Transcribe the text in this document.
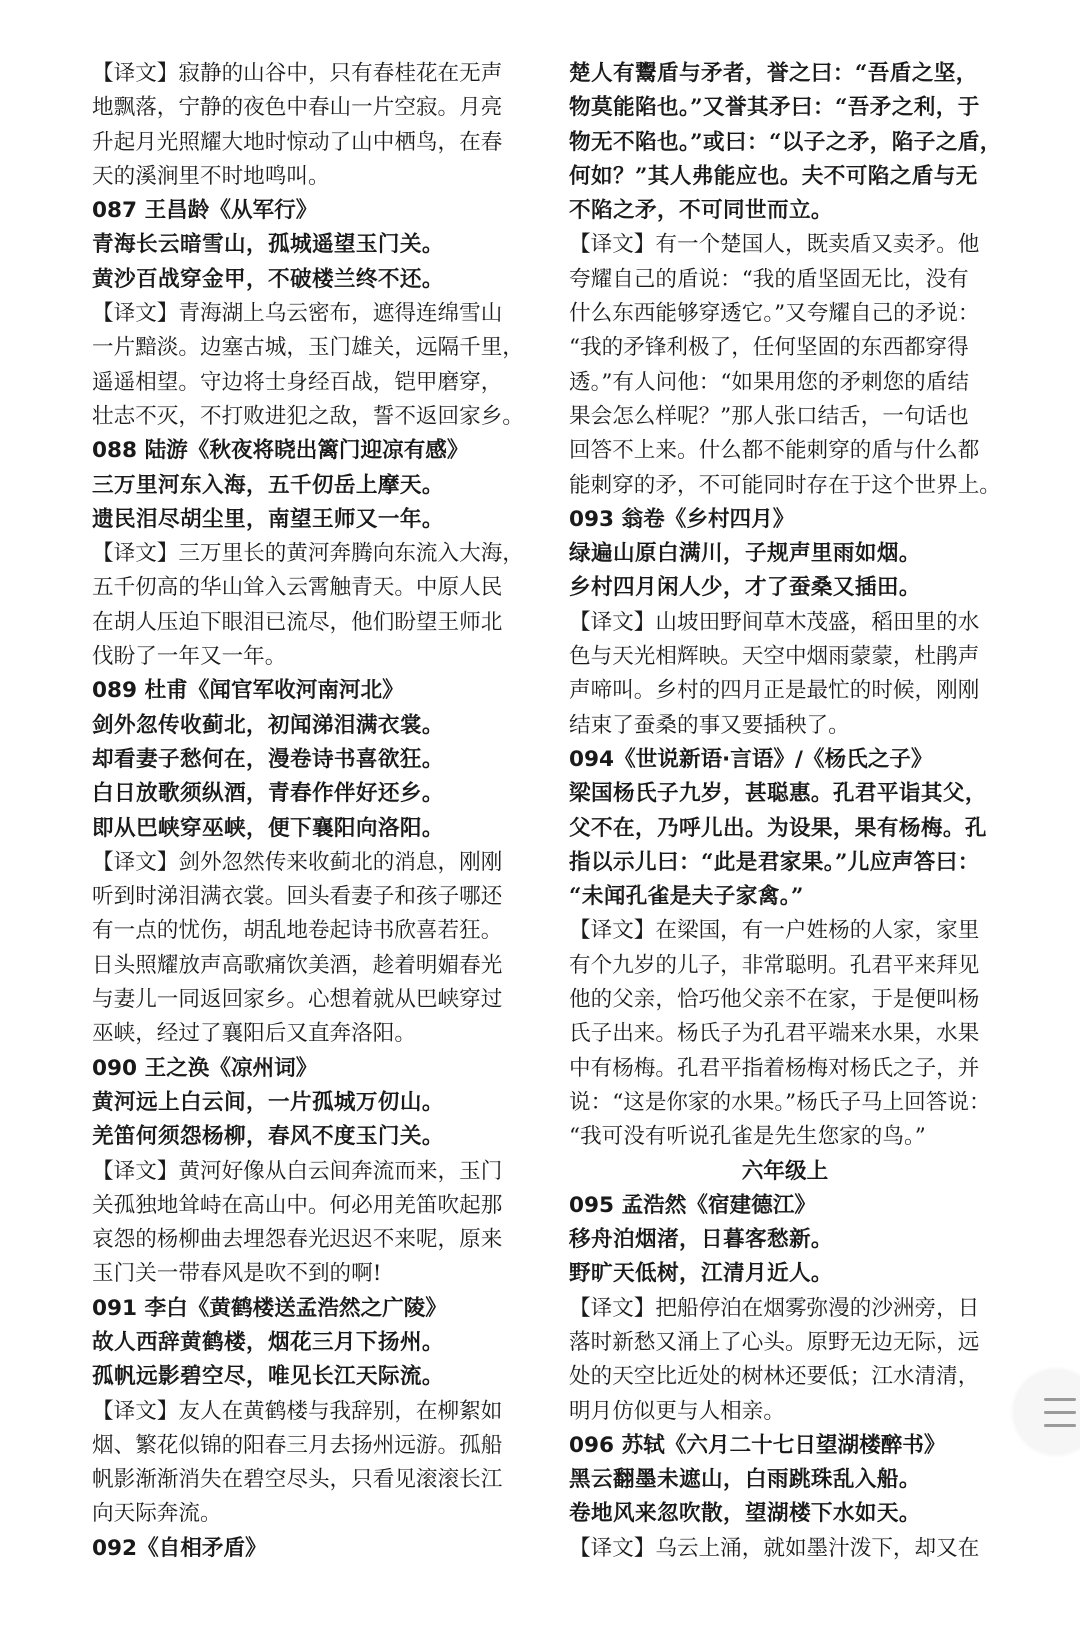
【译文】寂静的山谷中，只有春桂花在无声
地飘落，宁静的夜色中春山一片空寂。月亮
升起月光照耀大地时惊动了山中栖鸟，在春
天的溪涧里不时地鸣叫。
087 王昌龄《从军行》
青海长云暗雪山，孤城遥望玉门关。
黄沙百战穿金甲，不破楼兰终不还。
【译文】青海湖上乌云密布，遮得连绵雪山
一片黯淡。边塞古城，玉门雄关，远隔千里，
遥遥相望。守边将士身经百战，铠甲磨穿，
壮志不灭，不打败进犯之敌，誓不返回家乡。
088 陆游《秋夜将晓出篱门迎凉有感》
三万里河东入海，五千仞岳上摩天。
遗民泪尽胡尘里，南望王师又一年。
【译文】三万里长的黄河奔腾向东流入大海，
五千仞高的华山耸入云霄触青天。中原人民
在胡人压迫下眼泪已流尽，他们盼望王师北
伐盼了一年又一年。
089 杜甫《闻官军收河南河北》
剑外忽传收蓟北，初闻涕泪满衣裳。
却看妻子愁何在，漫卷诗书喜欲狂。
白日放歌须纵酒，青春作伴好还乡。
即从巴峡穿巫峡，便下襄阳向洛阳。
【译文】剑外忽然传来收蓟北的消息，刚刚
听到时涕泪满衣裳。回头看妻子和孩子哪还
有一点的忧伤，胡乱地卷起诗书欣喜若狂。
日头照耀放声高歌痛饮美酒，趁着明媚春光
与妻儿一同返回家乡。心想着就从巴峡穿过
巫峡，经过了襄阳后又直奔洛阳。
090 王之涣《凉州词》
黄河远上白云间，一片孤城万仞山。
羌笛何须怨杨柳，春风不度玉门关。
【译文】黄河好像从白云间奔流而来，玉门
关孤独地耸峙在高山中。何必用羌笛吹起那
哀怨的杨柳曲去埋怨春光迟迟不来呢，原来
玉门关一带春风是吹不到的啊!
091 李白《黄鹤楼送孟浩然之广陵》
故人西辞黄鹤楼，烟花三月下扬州。
孤帆远影碧空尽，唯见长江天际流。
【译文】友人在黄鹤楼与我辞别，在柳絮如
烟、繁花似锦的阳春三月去扬州远游。孤船
帆影渐渐消失在碧空尽头，只看见滚滚长江
向天际奔流。
092《自相矛盾》
楚人有鬻盾与矛者，誉之曰：“吾盾之坚，
物莫能陷也。”又誉其矛曰：“吾矛之利，于
物无不陷也。”或曰：“以子之矛，陷子之盾，
何如？”其人弗能应也。夫不可陷之盾与无
不陷之矛，不可同世而立。
【译文】有一个楚国人，既卖盾又卖矛。他
夸耀自己的盾说：“我的盾坚固无比，没有
什么东西能够穿透它。”又夸耀自己的矛说：
“我的矛锋利极了，任何坚固的东西都穿得
透。”有人问他：“如果用您的矛刺您的盾结
果会怎么样呢？”那人张口结舌，一句话也
回答不上来。什么都不能刺穿的盾与什么都
能刺穿的矛，不可能同时存在于这个世界上。
093 翁卷《乡村四月》
绿遍山原白满川，子规声里雨如烟。
乡村四月闲人少，才了蚕桑又插田。
【译文】山坡田野间草木茂盛，稻田里的水
色与天光相辉映。天空中烟雨蒙蒙，杜鹃声
声啼叫。乡村的四月正是最忙的时候，刚刚
结束了蚕桑的事又要插秧了。
094《世说新语·言语》/《杨氏之子》
梁国杨氏子九岁，甚聪惠。孔君平诣其父，
父不在，乃呼儿出。为设果，果有杨梅。孔
指以示儿曰：“此是君家果。”儿应声答曰：
“未闻孔雀是夫子家禽。”
【译文】在梁国，有一户姓杨的人家，家里
有个九岁的儿子，非常聪明。孔君平来拜见
他的父亲，恰巧他父亲不在家，于是便叫杨
氏子出来。杨氏子为孔君平端来水果，水果
中有杨梅。孔君平指着杨梅对杨氏之子，并
说：“这是你家的水果。”杨氏子马上回答说：
“我可没有听说孔雀是先生您家的鸟。”
六年级上
095 孟浩然《宿建德江》
移舟泊烟渚，日暮客愁新。
野旷天低树，江清月近人。
【译文】把船停泊在烟雾弥漫的沙洲旁，日
落时新愁又涌上了心头。原野无边无际，远
处的天空比近处的树林还要低；江水清清，
明月仿似更与人相亲。
096 苏轼《六月二十七日望湖楼醉书》
黑云翻墨未遮山，白雨跳珠乱入船。
卷地风来忽吹散，望湖楼下水如天。
【译文】乌云上涌，就如墨汁泼下，却又在
